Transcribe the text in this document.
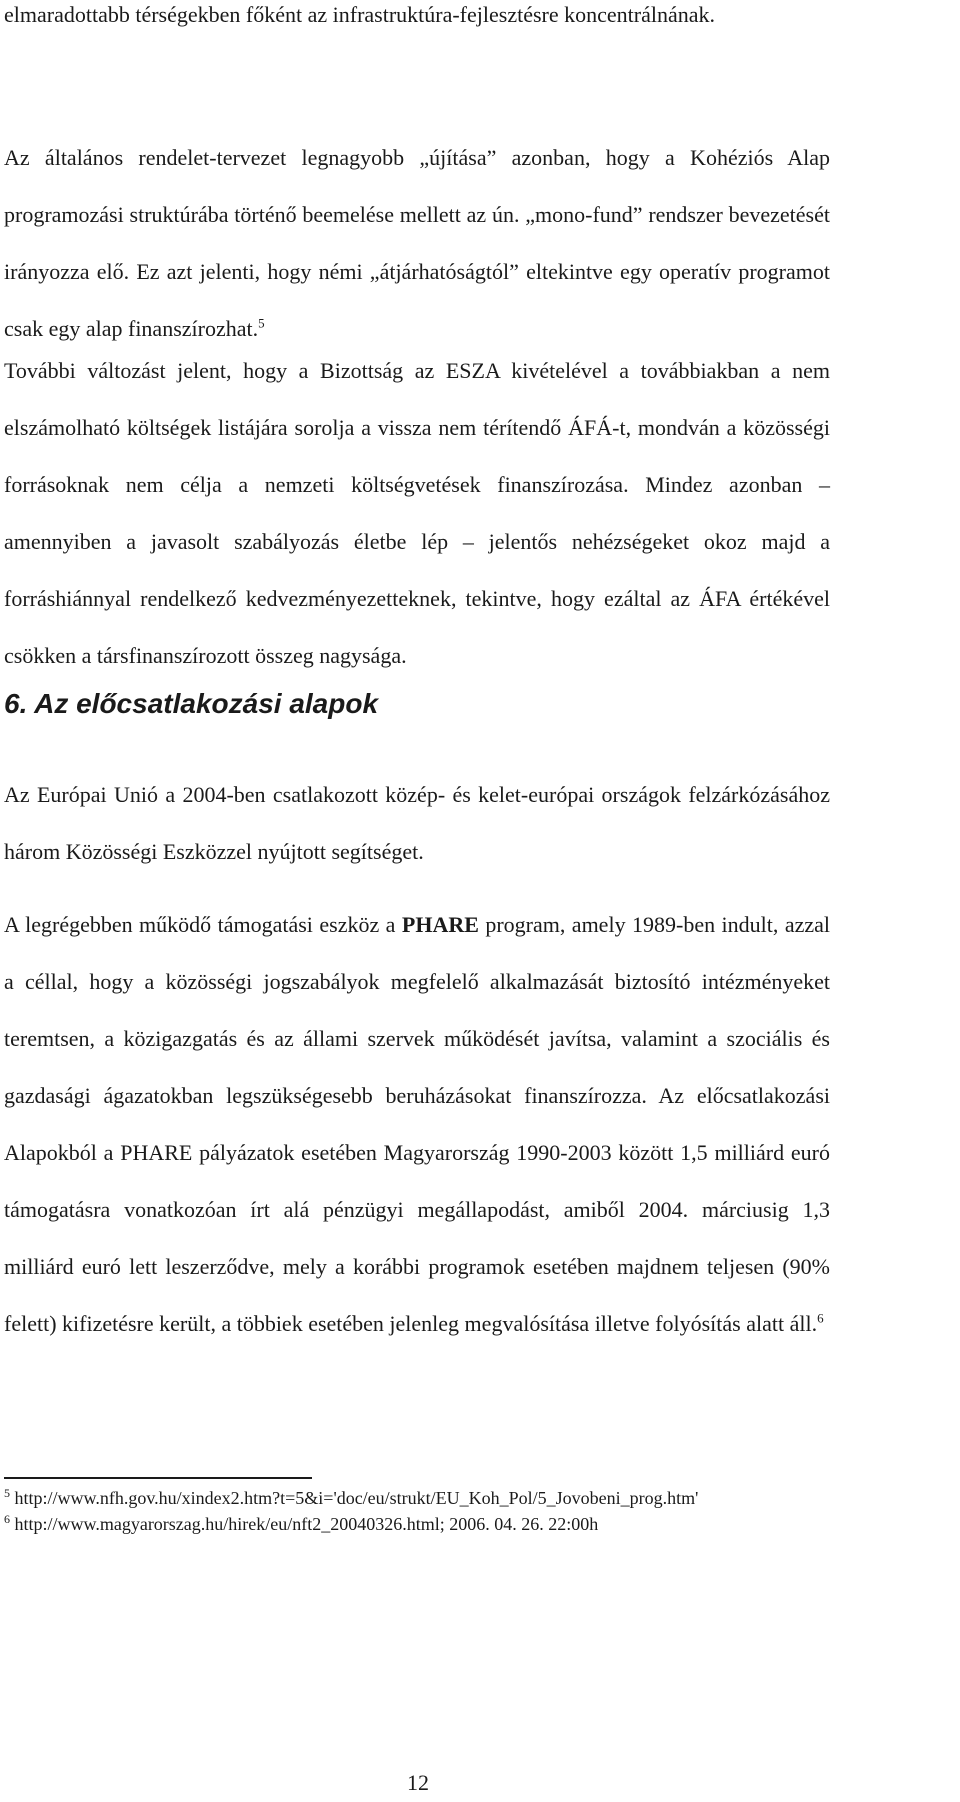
elmaradottabb térségekben főként az infrastruktúra-fejlesztésre koncentrálnának.

Az általános rendelet-tervezet legnagyobb „újítása” azonban, hogy a Kohéziós Alap programozási struktúrába történő beemelése mellett az ún. „mono-fund” rendszer bevezetését irányozza elő. Ez azt jelenti, hogy némi „átjárhatóságtól” eltekintve egy operatív programot csak egy alap finanszírozhat.$^5$

További változást jelent, hogy a Bizottság az ESZA kivételével a továbbiakban a nem elszámolható költségek listájára sorolja a vissza nem térítendő ÁFÁ-t, mondván a közösségi forrásoknak nem célja a nemzeti költségvetések finanszírozása. Mindez azonban – amennyiben a javasolt szabályozás életbe lép – jelentős nehézségeket okoz majd a forráshiánnyal rendelkező kedvezményezetteknek, tekintve, hogy ezáltal az ÁFA értékével csökken a társfinanszírozott összeg nagysága.

6. Az előcsatlakozási alapok

Az Európai Unió a 2004-ben csatlakozott közép- és kelet-európai országok felzárkózásához három Közösségi Eszközzel nyújtott segítséget.

A legrégebben működő támogatási eszköz a PHARE program, amely 1989-ben indult, azzal a céllal, hogy a közösségi jogszabályok megfelelő alkalmazását biztosító intézményeket teremtsen, a közigazgatás és az állami szervek működését javítsa, valamint a szociális és gazdasági ágazatokban legszükségesebb beruházásokat finanszírozza. Az előcsatlakozási Alapokból a PHARE pályázatok esetében Magyarország 1990-2003 között 1,5 milliárd euró támogatásra vonatkozóan írt alá pénzügyi megállapodást, amiből 2004. márciusig 1,3 milliárd euró lett leszerződve, mely a korábbi programok esetében majdnem teljesen (90% felett) kifizetésre került, a többiek esetében jelenleg megvalósítása illetve folyósítás alatt áll.$^6$

$^5$ http://www.nfh.gov.hu/xindex2.htm?t=5&i='doc/eu/strukt/EU_Koh_Pol/5_Jovobeni_prog.htm'

$^6$ http://www.magyarorszag.hu/hirek/eu/nft2_20040326.html; 2006. 04. 26. 22:00h

12
